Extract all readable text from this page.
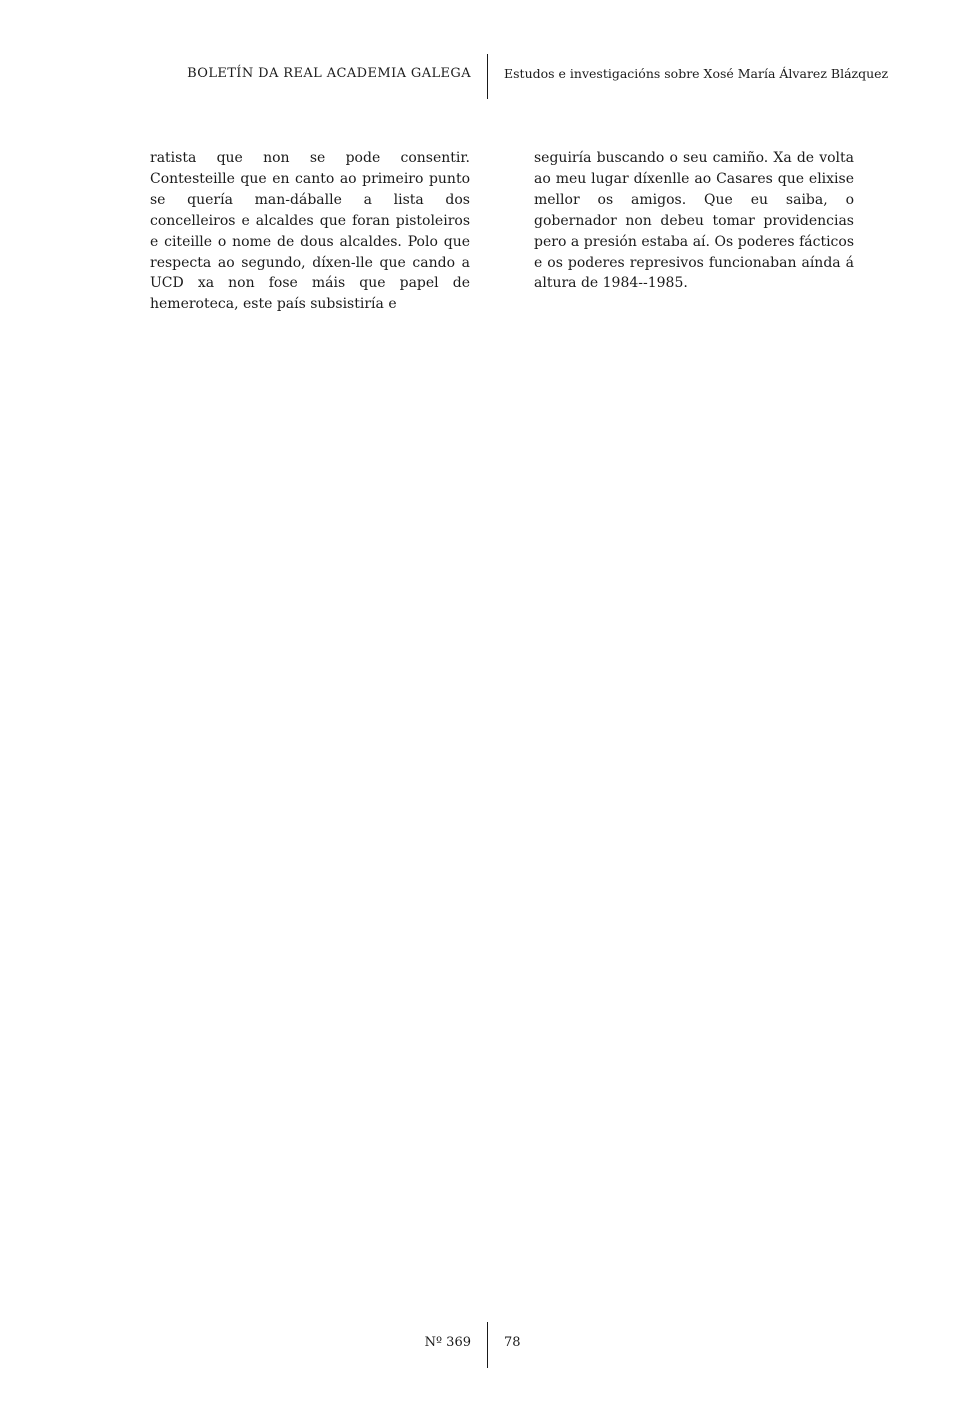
BOLETÍN DA REAL ACADEMIA GALEGA	Estudos e investigacións sobre Xosé María Álvarez Blázquez
ratista que non se pode consentir. Contesteille que en canto ao primeiro punto se quería man-dáballe a lista dos concelleiros e alcaldes que foran pistoleiros e citeille o nome de dous alcaldes. Polo que respecta ao segundo, díxen-lle que cando a UCD xa non fose máis que papel de hemeroteca, este país subsistiría e
seguiría buscando o seu camiño. Xa de volta ao meu lugar díxenlle ao Casares que elixise mellor os amigos. Que eu saiba, o gobernador non debeu tomar providencias pero a presión estaba aí. Os poderes fácticos e os poderes represivos funcionaban aínda á altura de 1984--1985.
Nº 369	78
